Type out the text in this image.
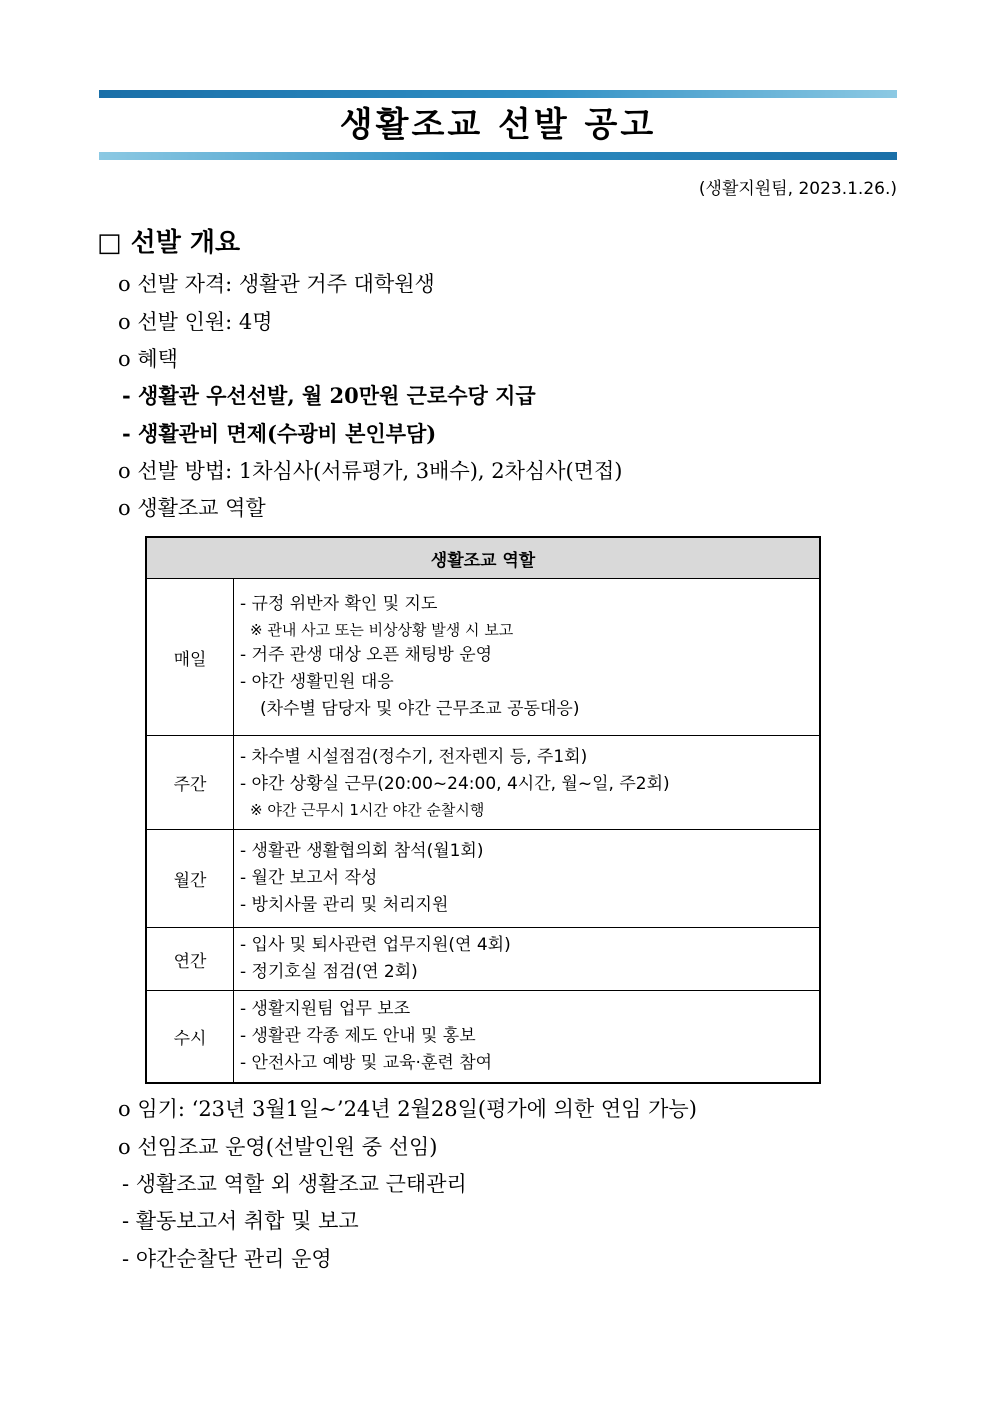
생활조교 선발 공고
(생활지원팀, 2023.1.26.)
□ 선발 개요
o 선발 자격: 생활관 거주 대학원생
o 선발 인원: 4명
o 혜택
- 생활관 우선선발, 월 20만원 근로수당 지급
- 생활관비 면제(수광비 본인부담)
o 선발 방법: 1차심사(서류평가, 3배수), 2차심사(면접)
o 생활조교 역할
생활조교 역할	
매일	- 규정 위반자 확인 및 지도
※ 관내 사고 또는 비상상황 발생 시 보고
- 거주 관생 대상 오픈 채팅방 운영
- 야간 생활민원 대응
(차수별 담당자 및 야간 근무조교 공동대응)

주간	- 차수별 시설점검(정수기, 전자렌지 등, 주1회)
- 야간 상황실 근무(20:00~24:00, 4시간, 월~일, 주2회)
※ 야간 근무시 1시간 야간 순찰시행

월간	- 생활관 생활협의회 참석(월1회)
- 월간 보고서 작성
- 방치사물 관리 및 처리지원

연간	- 입사 및 퇴사관련 업무지원(연 4회)
- 정기호실 점검(연 2회)

수시	- 생활지원팀 업무 보조
- 생활관 각종 제도 안내 및 홍보
- 안전사고 예방 및 교육·훈련 참여
o 임기: ‘23년 3월1일~’24년 2월28일(평가에 의한 연임 가능)
o 선임조교 운영(선발인원 중 선임)
- 생활조교 역할 외 생활조교 근태관리
- 활동보고서 취합 및 보고
- 야간순찰단 관리 운영
